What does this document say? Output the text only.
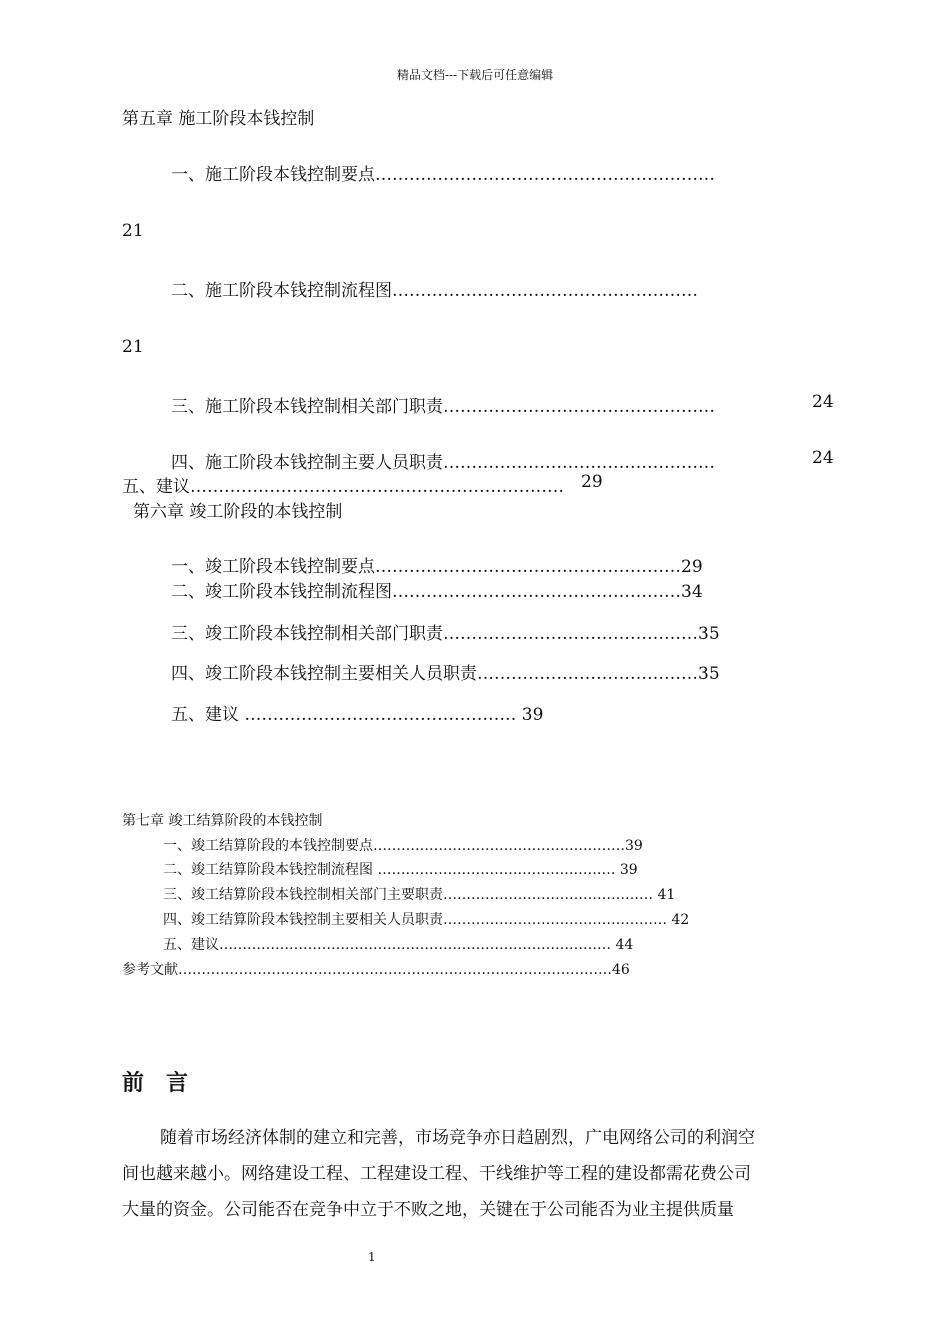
精品文档---下载后可任意编辑
第五章 施工阶段本钱控制
一、施工阶段本钱控制要点……………………………………………………
21
二、施工阶段本钱控制流程图………………………………………………
21
三、施工阶段本钱控制相关部门职责…………………………………………	24
四、施工阶段本钱控制主要人员职责…………………………………………	24
五、建议………………………………………………………… 29
第六章 竣工阶段的本钱控制
一、竣工阶段本钱控制要点………………………………………………29
二、竣工阶段本钱控制流程图……………………………………………34
三、竣工阶段本钱控制相关部门职责………………………………………35
四、竣工阶段本钱控制主要相关人员职责…………………………………35
五、建议 ………………………………………… 39
第七章 竣工结算阶段的本钱控制
一、竣工结算阶段的本钱控制要点………………………………………………39
二、竣工结算阶段本钱控制流程图 …………………………………………… 39
三、竣工结算阶段本钱控制相关部门主要职责……………………………………… 41
四、竣工结算阶段本钱控制主要相关人员职责………………………………………… 42
五、建议………………………………………………………………………… 44
参考文献…………………………………………………………………………………46
前言
随着市场经济体制的建立和完善，市场竞争亦日趋剧烈，广电网络公司的利润空
间也越来越小。网络建设工程、工程建设工程、干线维护等工程的建设都需花费公司
大量的资金。公司能否在竞争中立于不败之地，关键在于公司能否为业主提供质量
1
